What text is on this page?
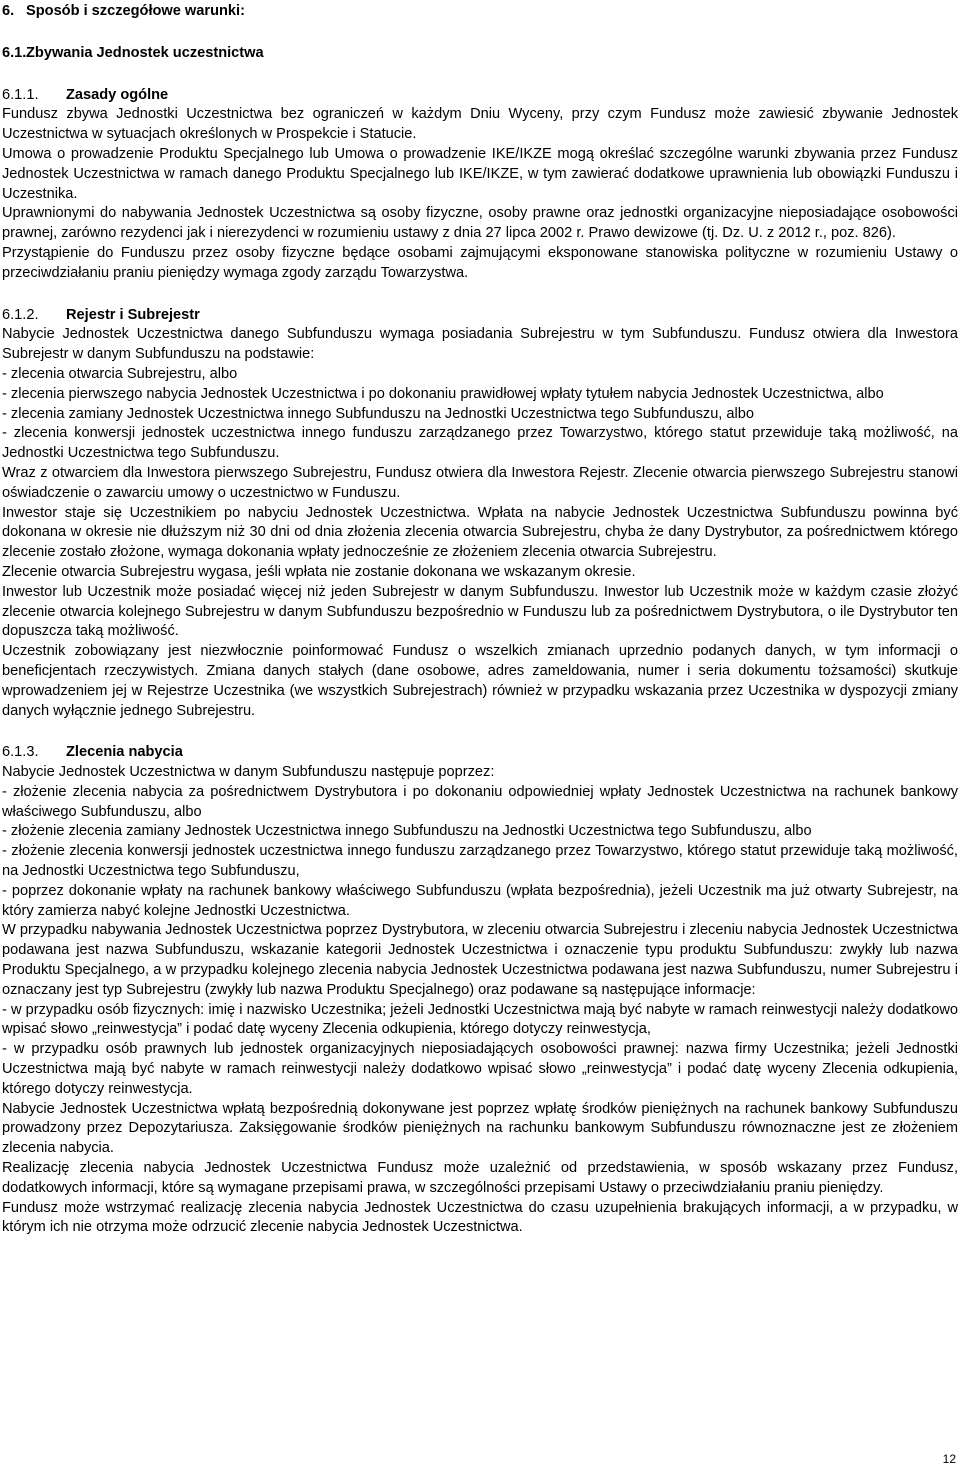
6. Sposób i szczegółowe warunki:
6.1.Zbywania Jednostek uczestnictwa
6.1.1. Zasady ogólne

Fundusz zbywa Jednostki Uczestnictwa bez ograniczeń w każdym Dniu Wyceny, przy czym Fundusz może zawiesić zbywanie Jednostek Uczestnictwa w sytuacjach określonych w Prospekcie i Statucie.

Umowa o prowadzenie Produktu Specjalnego lub Umowa o prowadzenie IKE/IKZE mogą określać szczególne warunki zbywania przez Fundusz Jednostek Uczestnictwa w ramach danego Produktu Specjalnego lub IKE/IKZE, w tym zawierać dodatkowe uprawnienia lub obowiązki Funduszu i Uczestnika.

Uprawnionymi do nabywania Jednostek Uczestnictwa są osoby fizyczne, osoby prawne oraz jednostki organizacyjne nieposiadające osobowości prawnej, zarówno rezydenci jak i nierezydenci w rozumieniu ustawy z dnia 27 lipca 2002 r. Prawo dewizowe (tj. Dz. U. z 2012 r., poz. 826).

Przystąpienie do Funduszu przez osoby fizyczne będące osobami zajmującymi eksponowane stanowiska polityczne w rozumieniu Ustawy o przeciwdziałaniu praniu pieniędzy wymaga zgody zarządu Towarzystwa.

6.1.2. Rejestr i Subrejestr

Nabycie Jednostek Uczestnictwa danego Subfunduszu wymaga posiadania Subrejestru w tym Subfunduszu. Fundusz otwiera dla Inwestora Subrejestr w danym Subfunduszu na podstawie:

- zlecenia otwarcia Subrejestru, albo

- zlecenia pierwszego nabycia Jednostek Uczestnictwa i po dokonaniu prawidłowej wpłaty tytułem nabycia Jednostek Uczestnictwa, albo

- zlecenia zamiany Jednostek Uczestnictwa innego Subfunduszu na Jednostki Uczestnictwa tego Subfunduszu, albo

- zlecenia konwersji jednostek uczestnictwa innego funduszu zarządzanego przez Towarzystwo, którego statut przewiduje taką możliwość, na Jednostki Uczestnictwa tego Subfunduszu.

Wraz z otwarciem dla Inwestora pierwszego Subrejestru, Fundusz otwiera dla Inwestora Rejestr. Zlecenie otwarcia pierwszego Subrejestru stanowi oświadczenie o zawarciu umowy o uczestnictwo w Funduszu.

Inwestor staje się Uczestnikiem po nabyciu Jednostek Uczestnictwa. Wpłata na nabycie Jednostek Uczestnictwa Subfunduszu powinna być dokonana w okresie nie dłuższym niż 30 dni od dnia złożenia zlecenia otwarcia Subrejestru, chyba że dany Dystrybutor, za pośrednictwem którego zlecenie zostało złożone, wymaga dokonania wpłaty jednocześnie ze złożeniem zlecenia otwarcia Subrejestru.

Zlecenie otwarcia Subrejestru wygasa, jeśli wpłata nie zostanie dokonana we wskazanym okresie.

Inwestor lub Uczestnik może posiadać więcej niż jeden Subrejestr w danym Subfunduszu. Inwestor lub Uczestnik może w każdym czasie złożyć zlecenie otwarcia kolejnego Subrejestru w danym Subfunduszu bezpośrednio w Funduszu lub za pośrednictwem Dystrybutora, o ile Dystrybutor ten dopuszcza taką możliwość.

Uczestnik zobowiązany jest niezwłocznie poinformować Fundusz o wszelkich zmianach uprzednio podanych danych, w tym informacji o beneficjentach rzeczywistych. Zmiana danych stałych (dane osobowe, adres zameldowania, numer i seria dokumentu tożsamości) skutkuje wprowadzeniem jej w Rejestrze Uczestnika (we wszystkich Subrejestrach) również w przypadku wskazania przez Uczestnika w dyspozycji zmiany danych wyłącznie jednego Subrejestru.

6.1.3. Zlecenia nabycia

Nabycie Jednostek Uczestnictwa w danym Subfunduszu następuje poprzez:

- złożenie zlecenia nabycia za pośrednictwem Dystrybutora i po dokonaniu odpowiedniej wpłaty Jednostek Uczestnictwa na rachunek bankowy właściwego Subfunduszu, albo

- złożenie zlecenia zamiany Jednostek Uczestnictwa innego Subfunduszu na Jednostki Uczestnictwa tego Subfunduszu, albo

- złożenie zlecenia konwersji jednostek uczestnictwa innego funduszu zarządzanego przez Towarzystwo, którego statut przewiduje taką możliwość, na Jednostki Uczestnictwa tego Subfunduszu,

- poprzez dokonanie wpłaty na rachunek bankowy właściwego Subfunduszu (wpłata bezpośrednia), jeżeli Uczestnik ma już otwarty Subrejestr, na który zamierza nabyć kolejne Jednostki Uczestnictwa.

W przypadku nabywania Jednostek Uczestnictwa poprzez Dystrybutora, w zleceniu otwarcia Subrejestru i zleceniu nabycia Jednostek Uczestnictwa podawana jest nazwa Subfunduszu, wskazanie kategorii Jednostek Uczestnictwa i oznaczenie typu produktu Subfunduszu: zwykły lub nazwa Produktu Specjalnego, a w przypadku kolejnego zlecenia nabycia Jednostek Uczestnictwa podawana jest nazwa Subfunduszu, numer Subrejestru i oznaczany jest typ Subrejestru (zwykły lub nazwa Produktu Specjalnego) oraz podawane są następujące informacje:

- w przypadku osób fizycznych: imię i nazwisko Uczestnika; jeżeli Jednostki Uczestnictwa mają być nabyte w ramach reinwestycji należy dodatkowo wpisać słowo „reinwestycja” i podać datę wyceny Zlecenia odkupienia, którego dotyczy reinwestycja,

- w przypadku osób prawnych lub jednostek organizacyjnych nieposiadających osobowości prawnej: nazwa firmy Uczestnika; jeżeli Jednostki Uczestnictwa mają być nabyte w ramach reinwestycji należy dodatkowo wpisać słowo „reinwestycja” i podać datę wyceny Zlecenia odkupienia, którego dotyczy reinwestycja.

Nabycie Jednostek Uczestnictwa wpłatą bezpośrednią dokonywane jest poprzez wpłatę środków pieniężnych na rachunek bankowy Subfunduszu prowadzony przez Depozytariusza. Zaksięgowanie środków pieniężnych na rachunku bankowym Subfunduszu równoznaczne jest ze złożeniem zlecenia nabycia.

Realizację zlecenia nabycia Jednostek Uczestnictwa Fundusz może uzależnić od przedstawienia, w sposób wskazany przez Fundusz, dodatkowych informacji, które są wymagane przepisami prawa, w szczególności przepisami Ustawy o przeciwdziałaniu praniu pieniędzy.

Fundusz może wstrzymać realizację zlecenia nabycia Jednostek Uczestnictwa do czasu uzupełnienia brakujących informacji, a w przypadku, w którym ich nie otrzyma może odrzucić zlecenie nabycia Jednostek Uczestnictwa.

12
